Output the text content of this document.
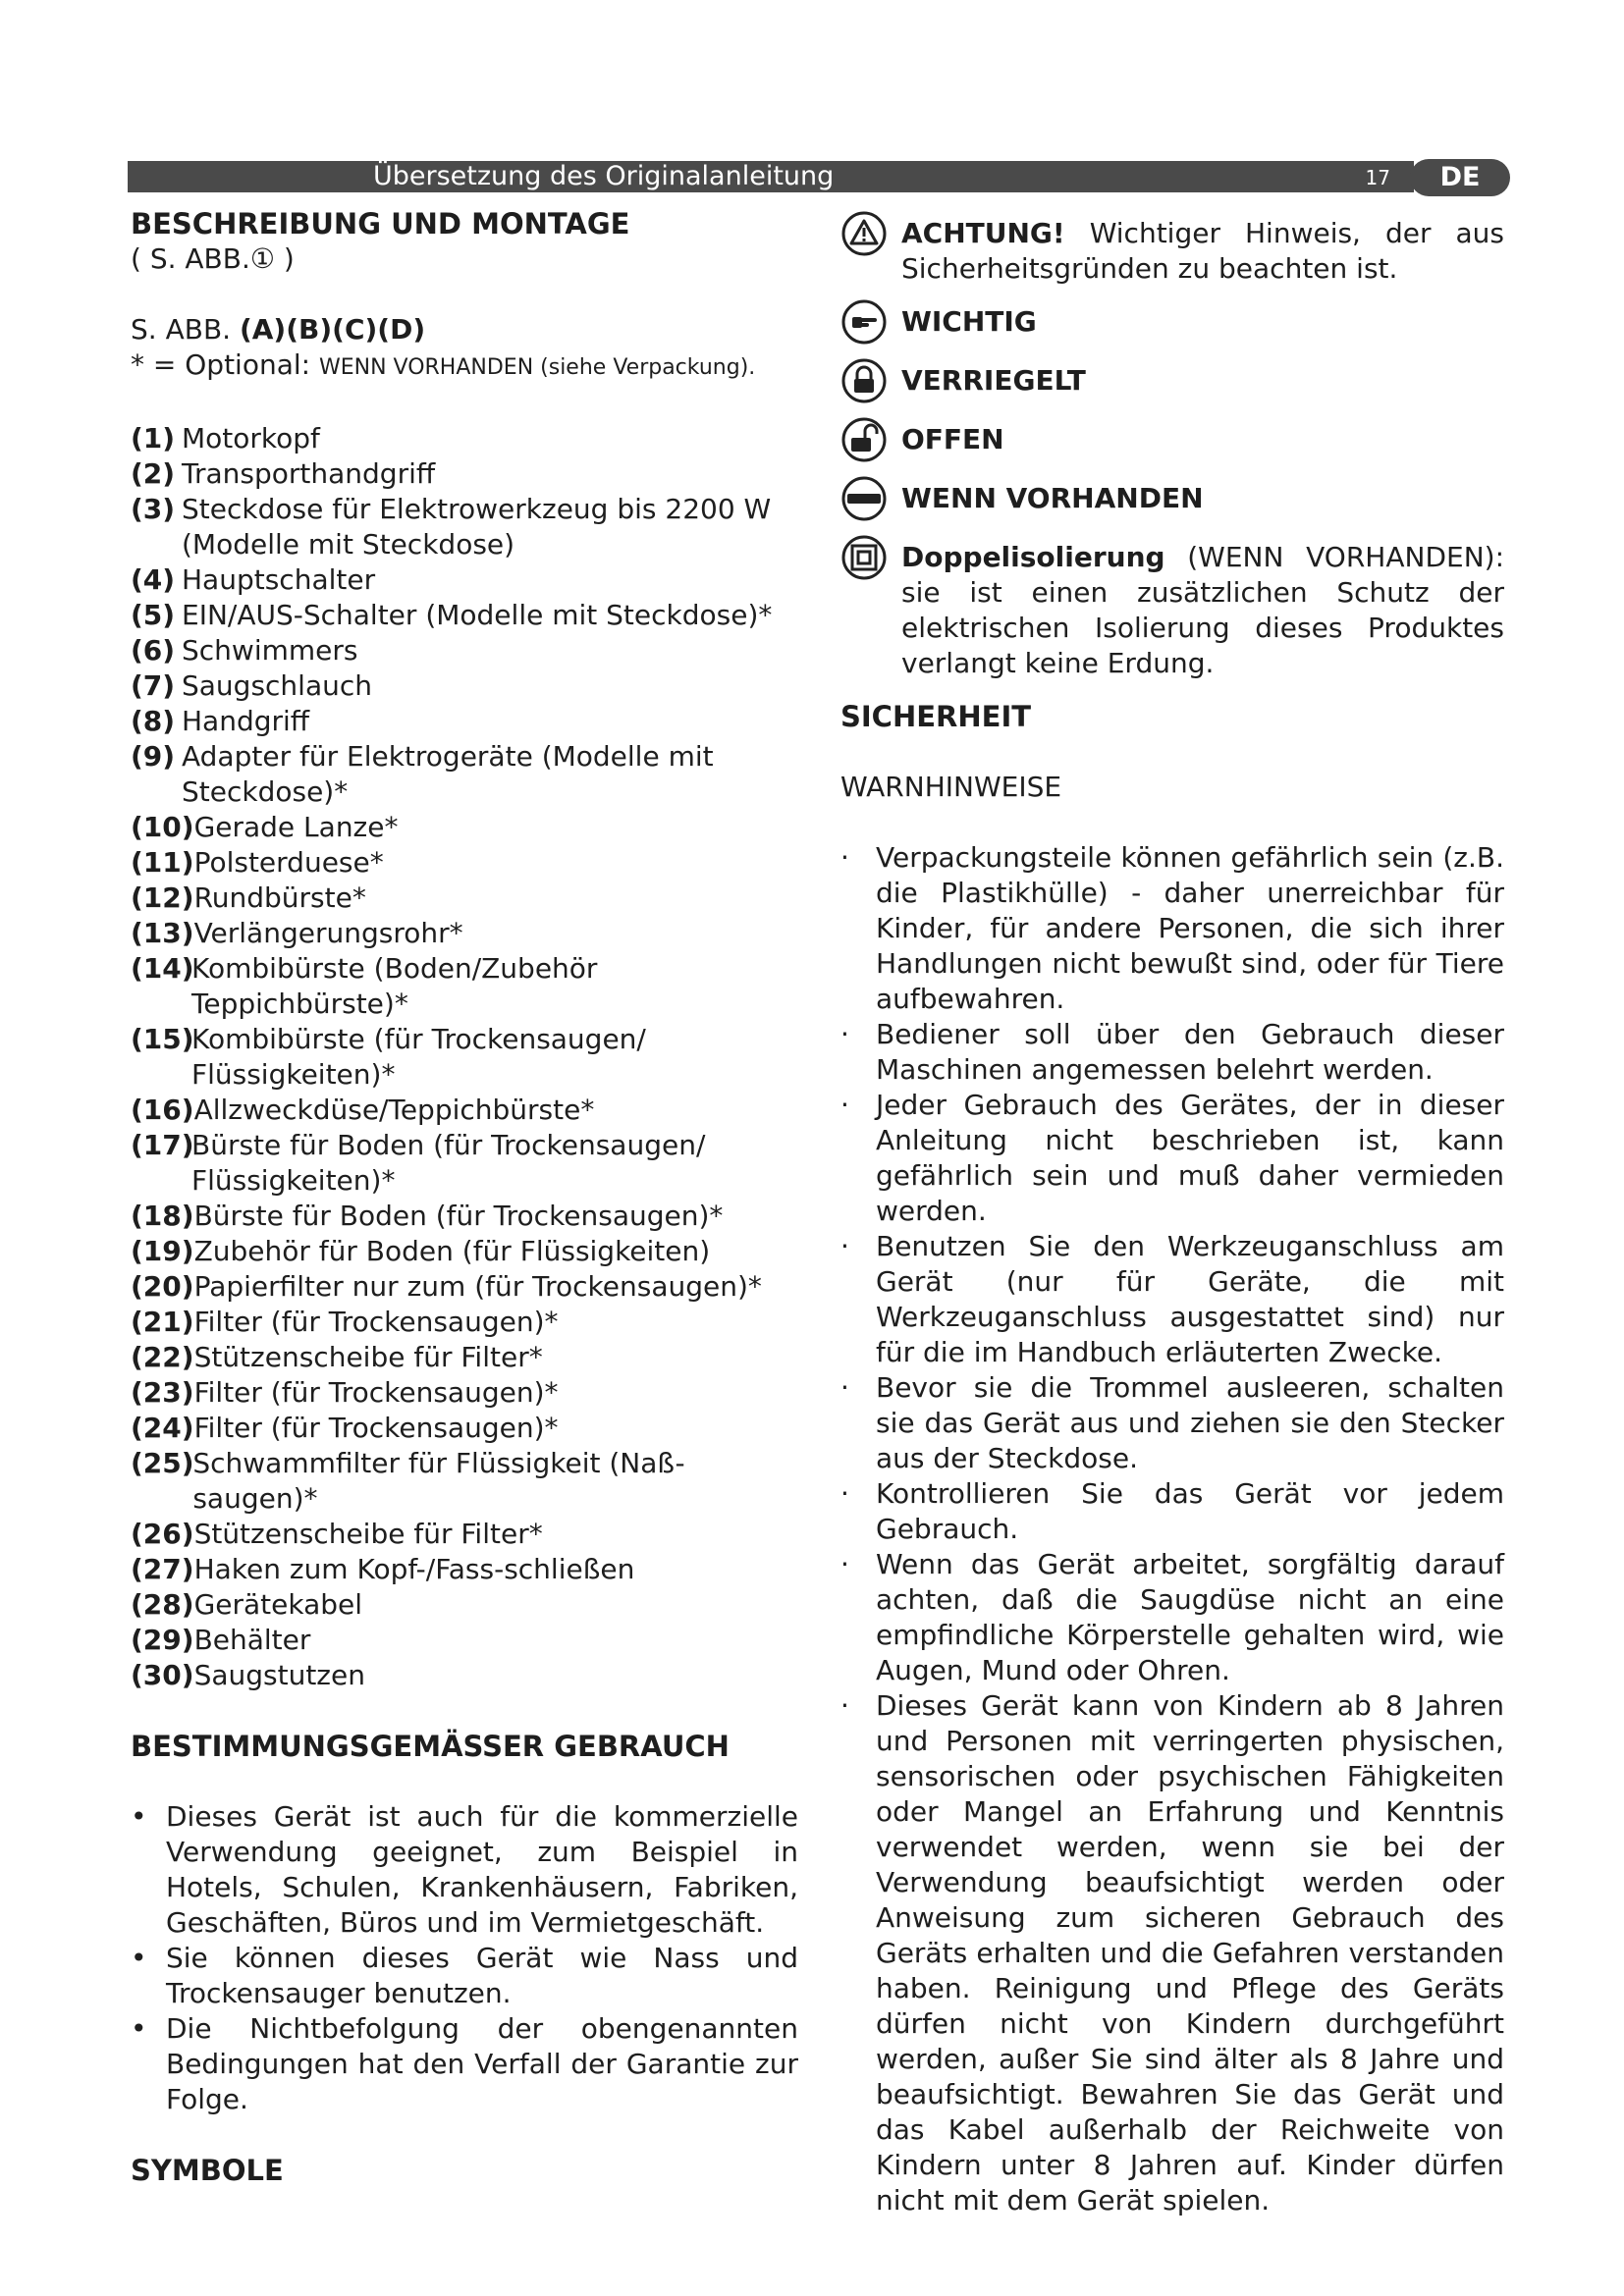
Übersetzung des Originalanleitung	17	DE
BESCHREIBUNG UND MONTAGE
( S. ABB.① )
S. ABB. (A)(B)(C)(D)
* = Optional: WENN VORHANDEN (siehe Verpackung).
(1) Motorkopf
(2) Transporthandgriff
(3) Steckdose für Elektrowerkzeug bis 2200 W (Modelle mit Steckdose)
(4) Hauptschalter
(5) EIN/AUS-Schalter (Modelle mit Steckdose)*
(6) Schwimmers
(7) Saugschlauch
(8) Handgriff
(9) Adapter für Elektrogeräte (Modelle mit Steckdose)*
(10) Gerade Lanze*
(11) Polsterduese*
(12) Rundbürste*
(13) Verlängerungsrohr*
(14)
Kombibürste (Boden/Zubehör Teppichbürste)*
(15)
Kombibürste (für Trockensaugen/ Flüssigkeiten)*
(16) Allzweckdüse/Teppichbürste*
(17)
Bürste für Boden (für Trockensaugen/ Flüssigkeiten)*
(18) Bürste für Boden (für Trockensaugen)*
(19) Zubehör für Boden (für Flüssigkeiten)
(20) Papierfilter nur zum (für Trockensaugen)*
(21) Filter (für Trockensaugen)*
(22) Stützenscheibe für Filter*
(23) Filter (für Trockensaugen)*
(24) Filter (für Trockensaugen)*
(25)
Schwammfilter für Flüssigkeit (Naß-saugen)*
(26) Stützenscheibe für Filter*
(27) Haken zum Kopf-/Fass-schließen
(28) Gerätekabel
(29) Behälter
(30) Saugstutzen
BESTIMMUNGSGEMÄSSER GEBRAUCH
• Dieses Gerät ist auch für die kommerzielle Verwendung geeignet, zum Beispiel in Hotels, Schulen, Krankenhäusern, Fabriken, Geschäften, Büros und im Vermietgeschäft.
• Sie können dieses Gerät wie Nass und Trockensauger benutzen.
• Die Nichtbefolgung der obengenannten Bedingungen hat den Verfall der Garantie zur Folge.
SYMBOLE
ACHTUNG! Wichtiger Hinweis, der aus Sicherheitsgründen zu beachten ist.
WICHTIG
VERRIEGELT
OFFEN
WENN VORHANDEN
Doppelisolierung (WENN VORHANDEN): sie ist einen zusätzlichen Schutz der elektrischen Isolierung dieses Produktes verlangt keine Erdung.
SICHERHEIT
WARNHINWEISE
· Verpackungsteile können gefährlich sein (z.B. die Plastikhülle) - daher unerreichbar für Kinder, für andere Personen, die sich ihrer Handlungen nicht bewußt sind, oder für Tiere aufbewahren.
· Bediener soll über den Gebrauch dieser Maschinen angemessen belehrt werden.
· Jeder Gebrauch des Gerätes, der in dieser Anleitung nicht beschrieben ist, kann gefährlich sein und muß daher vermieden werden.
· Benutzen Sie den Werkzeuganschluss am Gerät (nur für Geräte, die mit Werkzeuganschluss ausgestattet sind) nur für die im Handbuch erläuterten Zwecke.
· Bevor sie die Trommel ausleeren, schalten sie das Gerät aus und ziehen sie den Stecker aus der Steckdose.
· Kontrollieren Sie das Gerät vor jedem Gebrauch.
· Wenn das Gerät arbeitet, sorgfältig darauf achten, daß die Saugdüse nicht an eine empfindliche Körperstelle gehalten wird, wie Augen, Mund oder Ohren.
· Dieses Gerät kann von Kindern ab 8 Jahren und Personen mit verringerten physischen, sensorischen oder psychischen Fähigkeiten oder Mangel an Erfahrung und Kenntnis verwendet werden, wenn sie bei der Verwendung beaufsichtigt werden oder Anweisung zum sicheren Gebrauch des Geräts erhalten und die Gefahren verstanden haben. Reinigung und Pflege des Geräts dürfen nicht von Kindern durchgeführt werden, außer Sie sind älter als 8 Jahre und beaufsichtigt. Bewahren Sie das Gerät und das Kabel außerhalb der Reichweite von Kindern unter 8 Jahren auf. Kinder dürfen nicht mit dem Gerät spielen.
